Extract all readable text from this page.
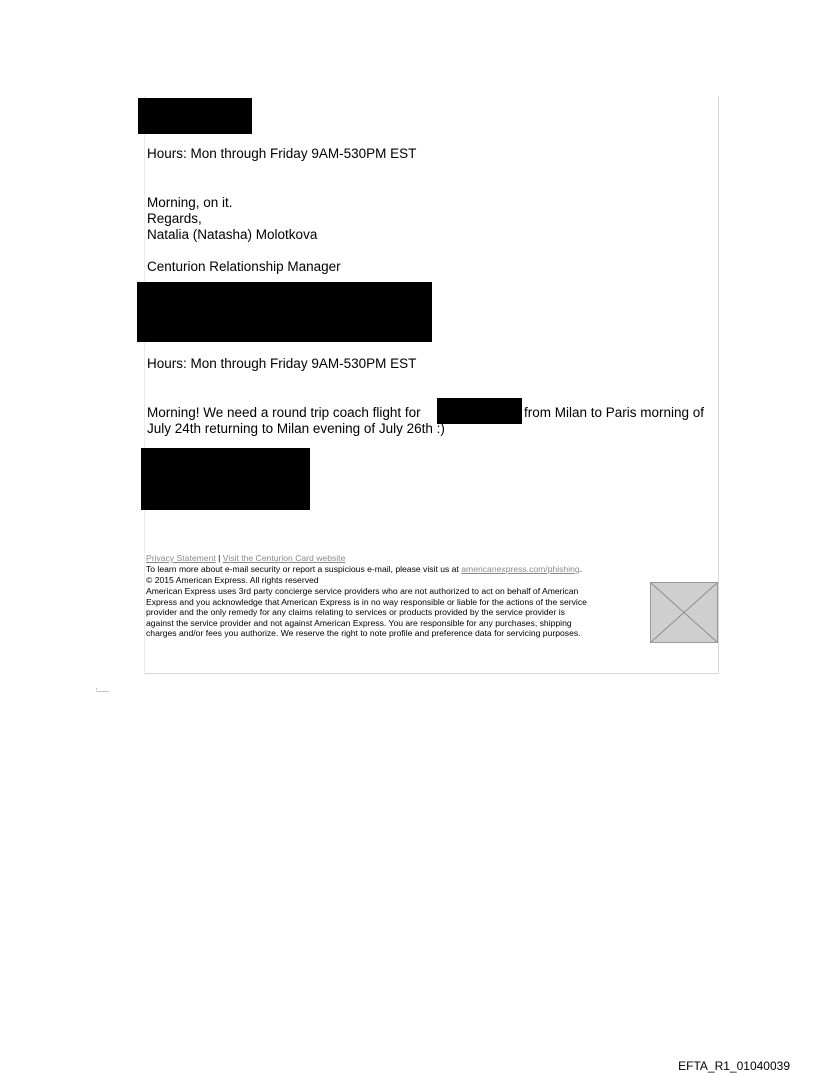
Hours: Mon through Friday 9AM-530PM EST
Morning, on it.
Regards,
Natalia (Natasha) Molotkova
Centurion Relationship Manager
Hours: Mon through Friday 9AM-530PM EST
Morning! We need a round trip coach flight for	from Milan to Paris morning of
July 24th returning to Milan evening of July 26th :)
Privacy Statement | Visit the Centurion Card website
To learn more about e-mail security or report a suspicious e-mail, please visit us at americanexpress.com/phishing.
© 2015 American Express. All rights reserved
American Express uses 3rd party concierge service providers who are not authorized to act on behalf of American
Express and you acknowledge that American Express is in no way responsible or liable for the actions of the service
provider and the only remedy for any claims relating to services or products provided by the service provider is
against the service provider and not against American Express. You are responsible for any purchases, shipping
charges and/or fees you authorize. We reserve the right to note profile and preference data for servicing purposes.
EFTA_R1_01040039
